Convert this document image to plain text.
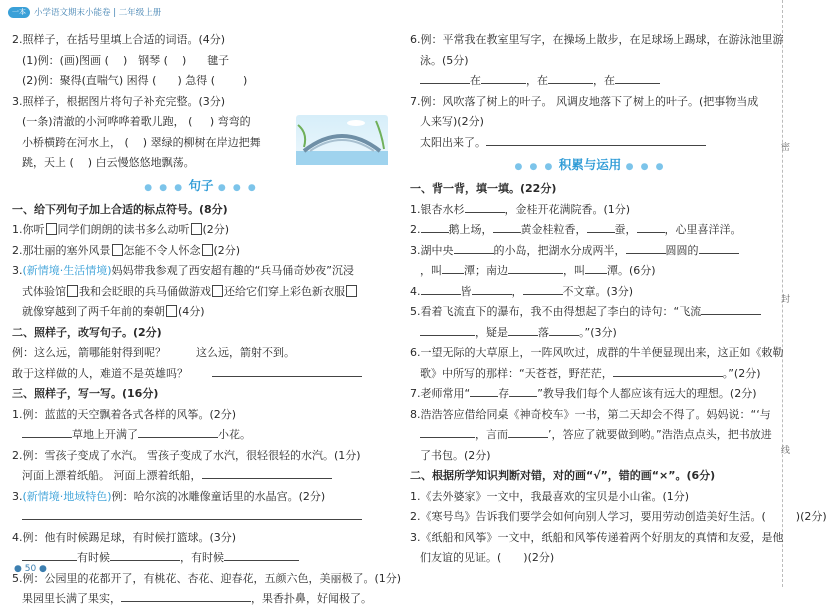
一本 小学语文期末小能卷 | 二年级上册
密
封
线
2.照样子，在括号里填上合适的词语。(4分)
(1)例：(画)图画 (    ) 钢琴 (    ) 毽子
(2)例：聚得(直喘气) 困得 (      ) 急得 (        )
3.照样子，根据图片将句子补充完整。(3分)
(一条)清澈的小河哗哗着歌儿跑， (     ) 弯弯的
小桥横跨在河水上， (    ) 翠绿的柳树在岸边把舞
跳，天上 (    ) 白云慢悠悠地飘荡。
● ● ● 句子 ● ● ●
一、给下列句子加上合适的标点符号。(8分)
1.你听 同学们朗朗的读书多么动听 (2分)
2.那壮丽的塞外风景 怎能不令人怀念 (2分)
3.(新情境·生活情境)妈妈带我参观了西安超有趣的“兵马俑奇妙夜”沉浸
式体验馆 我和会眨眼的兵马俑做游戏 还给它们穿上彩色新衣服
就像穿越到了两千年前的秦朝 (4分)
二、照样子，改写句子。(2分)
例：这么远，箭哪能射得到呢？	这么远，箭射不到。
敢于这样做的人，难道不是英雄吗？
三、照样子，写一写。(16分)
1.例：蓝蓝的天空飘着各式各样的风筝。(2分)
草地上开满了	小花。
2.例：雪孩子变成了水汽。 雪孩子变成了水汽，很轻很轻的水汽。(1分)
河面上漂着纸船。 河面上漂着纸船，
3.(新情境·地域特色)例：哈尔滨的冰雕像童话里的水晶宫。(2分)
4.例：他有时候踢足球，有时候打篮球。(3分)
有时候	，有时候
5.例：公园里的花都开了，有桃花、杏花、迎春花，五颜六色，美丽极了。(1分)
果园里长满了果实，	，果香扑鼻，好闻极了。
6.例：平常我在教室里写字，在操场上散步，在足球场上踢球，在游泳池里游
泳。(5分)
在	，在	，在
7.例：风吹落了树上的叶子。 风调皮地落下了树上的叶子。(把事物当成
人来写)(2分)
太阳出来了。
● ● ● 积累与运用 ● ● ●
一、背一背，填一填。(22分)
1.银杏水杉	，金桂开花满院香。(1分)
2.	鹅上场，	黄金桂粒香，	蚕，	，心里喜洋洋。
3.湖中央	的小岛，把湖水分成两半，	圆圆的
，叫 潭；南边	，叫 潭。(6分)
4.	皆	，	不文章。(3分)
5.看着飞流直下的瀑布，我不由得想起了李白的诗句：“飞流
，疑是	落	。”(3分)
6.一望无际的大草原上，一阵风吹过，成群的牛羊便显现出来，这正如《敕勒
歌》中所写的那样：“天苍苍，野茫茫，	。”(2分)
7.老师常用“	存	”教导我们每个人都应该有远大的理想。(2分)
8.浩浩答应借给同桌《神奇校车》一书，第二天却会不得了。妈妈说：“‘与
，言而	’，答应了就要做到哟。”浩浩点点头，把书放进
了书包。(2分)
二、根据所学知识判断对错，对的画“√”，错的画“×”。(6分)
1.《去外婆家》一文中，我最喜欢的宝贝是小山雀。(1分)
2.《寒号鸟》告诉我们要学会如何向别人学习，要用劳动创造美好生活。(	)(2分)
3.《纸船和风筝》一文中，纸船和风筝传递着两个好朋友的真情和友爱，是他
们友谊的见证。( )(2分)
● 50 ●
